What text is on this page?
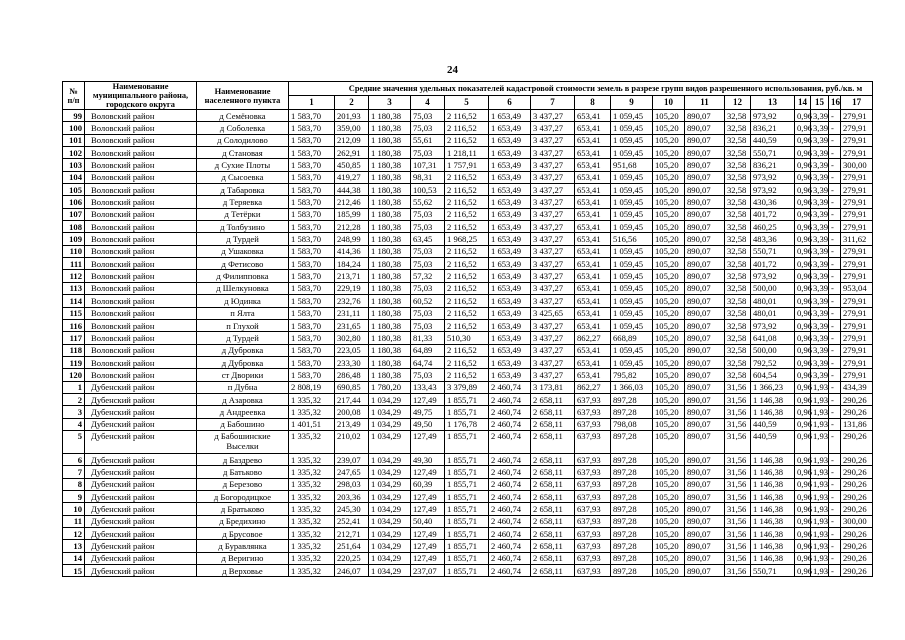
24
№ п/п	Наименование муниципального района, городского округа	Наименование населенного пункта	Средние значения удельных показателей кадастровой стоимости земель в разрезе групп видов разрешенного использования, руб./кв. м																
			1	2	3	4	5	6	7	8	9	10	11	12	13	14	15	16	17
99	Воловский район	д Семёновка	1 583,70	201,93	1 180,38	75,03	2 116,52	1 653,49	3 437,27	653,41	1 059,45	105,20	890,07	32,58	973,92	0,96	3,39	-	279,91
100	Воловский район	д Соболевка	1 583,70	359,00	1 180,38	75,03	2 116,52	1 653,49	3 437,27	653,41	1 059,45	105,20	890,07	32,58	836,21	0,96	3,39	-	279,91
101	Воловский район	д Солодилово	1 583,70	212,09	1 180,38	55,61	2 116,52	1 653,49	3 437,27	653,41	1 059,45	105,20	890,07	32,58	440,59	0,96	3,39	-	279,91
102	Воловский район	д Становая	1 583,70	262,91	1 180,38	75,03	1 218,11	1 653,49	3 437,27	653,41	1 059,45	105,20	890,07	32,58	550,71	0,96	3,39	-	279,91
103	Воловский район	д Сухие Плоты	1 583,70	450,85	1 180,38	107,31	1 757,91	1 653,49	3 437,27	653,41	951,68	105,20	890,07	32,58	836,21	0,96	3,39	-	300,00
104	Воловский район	д Сысоевка	1 583,70	419,27	1 180,38	98,31	2 116,52	1 653,49	3 437,27	653,41	1 059,45	105,20	890,07	32,58	973,92	0,96	3,39	-	279,91
105	Воловский район	д Табаровка	1 583,70	444,38	1 180,38	100,53	2 116,52	1 653,49	3 437,27	653,41	1 059,45	105,20	890,07	32,58	973,92	0,96	3,39	-	279,91
106	Воловский район	д Теряевка	1 583,70	212,46	1 180,38	55,62	2 116,52	1 653,49	3 437,27	653,41	1 059,45	105,20	890,07	32,58	430,36	0,96	3,39	-	279,91
107	Воловский район	д Тетёрки	1 583,70	185,99	1 180,38	75,03	2 116,52	1 653,49	3 437,27	653,41	1 059,45	105,20	890,07	32,58	401,72	0,96	3,39	-	279,91
108	Воловский район	д Толбузино	1 583,70	212,28	1 180,38	75,03	2 116,52	1 653,49	3 437,27	653,41	1 059,45	105,20	890,07	32,58	460,25	0,96	3,39	-	279,91
109	Воловский район	д Турдей	1 583,70	248,99	1 180,38	63,45	1 968,25	1 653,49	3 437,27	653,41	516,56	105,20	890,07	32,58	483,36	0,96	3,39	-	311,62
110	Воловский район	д Ушаковка	1 583,70	414,36	1 180,38	75,03	2 116,52	1 653,49	3 437,27	653,41	1 059,45	105,20	890,07	32,58	550,71	0,96	3,39	-	279,91
111	Воловский район	д Фетисово	1 583,70	184,24	1 180,38	75,03	2 116,52	1 653,49	3 437,27	653,41	1 059,45	105,20	890,07	32,58	401,72	0,96	3,39	-	279,91
112	Воловский район	д Филипповка	1 583,70	213,71	1 180,38	57,32	2 116,52	1 653,49	3 437,27	653,41	1 059,45	105,20	890,07	32,58	973,92	0,96	3,39	-	279,91
113	Воловский район	д Шелкуновка	1 583,70	229,19	1 180,38	75,03	2 116,52	1 653,49	3 437,27	653,41	1 059,45	105,20	890,07	32,58	500,00	0,96	3,39	-	953,04
114	Воловский район	д Юдинка	1 583,70	232,76	1 180,38	60,52	2 116,52	1 653,49	3 437,27	653,41	1 059,45	105,20	890,07	32,58	480,01	0,96	3,39	-	279,91
115	Воловский район	п Ялта	1 583,70	231,11	1 180,38	75,03	2 116,52	1 653,49	3 425,65	653,41	1 059,45	105,20	890,07	32,58	480,01	0,96	3,39	-	279,91
116	Воловский район	п Глухой	1 583,70	231,65	1 180,38	75,03	2 116,52	1 653,49	3 437,27	653,41	1 059,45	105,20	890,07	32,58	973,92	0,96	3,39	-	279,91
117	Воловский район	д Турдей	1 583,70	302,80	1 180,38	81,33	510,30	1 653,49	3 437,27	862,27	668,89	105,20	890,07	32,58	641,08	0,96	3,39	-	279,91
118	Воловский район	д Дубровка	1 583,70	223,05	1 180,38	64,89	2 116,52	1 653,49	3 437,27	653,41	1 059,45	105,20	890,07	32,58	500,00	0,96	3,39	-	279,91
119	Воловский район	д Дубровка	1 583,70	233,30	1 180,38	64,74	2 116,52	1 653,49	3 437,27	653,41	1 059,45	105,20	890,07	32,58	792,52	0,96	3,39	-	279,91
120	Воловский район	ст Дворики	1 583,70	286,48	1 180,38	75,03	2 116,52	1 653,49	3 437,27	653,41	795,82	105,20	890,07	32,58	604,54	0,96	3,39	-	279,91
1	Дубенский район	п Дубна	2 808,19	690,85	1 780,20	133,43	3 379,89	2 460,74	3 173,81	862,27	1 366,03	105,20	890,07	31,56	1 366,23	0,96	1,93	-	434,39
2	Дубенский район	д Азаровка	1 335,32	217,44	1 034,29	127,49	1 855,71	2 460,74	2 658,11	637,93	897,28	105,20	890,07	31,56	1 146,38	0,96	1,93	-	290,26
3	Дубенский район	д Андреевка	1 335,32	200,08	1 034,29	49,75	1 855,71	2 460,74	2 658,11	637,93	897,28	105,20	890,07	31,56	1 146,38	0,96	1,93	-	290,26
4	Дубенский район	д Бабошино	1 401,51	213,49	1 034,29	49,50	1 176,78	2 460,74	2 658,11	637,93	798,08	105,20	890,07	31,56	440,59	0,96	1,93	-	131,86
5	Дубенский район	д Бабошинские Выселки	1 335,32	210,02	1 034,29	127,49	1 855,71	2 460,74	2 658,11	637,93	897,28	105,20	890,07	31,56	440,59	0,96	1,93	-	290,26
6	Дубенский район	д Баздрево	1 335,32	239,07	1 034,29	49,30	1 855,71	2 460,74	2 658,11	637,93	897,28	105,20	890,07	31,56	1 146,38	0,96	1,93	-	290,26
7	Дубенский район	д Батьково	1 335,32	247,65	1 034,29	127,49	1 855,71	2 460,74	2 658,11	637,93	897,28	105,20	890,07	31,56	1 146,38	0,96	1,93	-	290,26
8	Дубенский район	д Березово	1 335,32	298,03	1 034,29	60,39	1 855,71	2 460,74	2 658,11	637,93	897,28	105,20	890,07	31,56	1 146,38	0,96	1,93	-	290,26
9	Дубенский район	д Богородицкое	1 335,32	203,36	1 034,29	127,49	1 855,71	2 460,74	2 658,11	637,93	897,28	105,20	890,07	31,56	1 146,38	0,96	1,93	-	290,26
10	Дубенский район	д Братьково	1 335,32	245,30	1 034,29	127,49	1 855,71	2 460,74	2 658,11	637,93	897,28	105,20	890,07	31,56	1 146,38	0,96	1,93	-	290,26
11	Дубенский район	д Бредихино	1 335,32	252,41	1 034,29	50,40	1 855,71	2 460,74	2 658,11	637,93	897,28	105,20	890,07	31,56	1 146,38	0,96	1,93	-	300,00
12	Дубенский район	д Брусовое	1 335,32	212,71	1 034,29	127,49	1 855,71	2 460,74	2 658,11	637,93	897,28	105,20	890,07	31,56	1 146,38	0,96	1,93	-	290,26
13	Дубенский район	д Буравлянка	1 335,32	251,64	1 034,29	127,49	1 855,71	2 460,74	2 658,11	637,93	897,28	105,20	890,07	31,56	1 146,38	0,96	1,93	-	290,26
14	Дубенский район	д Веригино	1 335,32	220,25	1 034,29	127,49	1 855,71	2 460,74	2 658,11	637,93	897,28	105,20	890,07	31,56	1 146,38	0,96	1,93	-	290,26
15	Дубенский район	д Верховье	1 335,32	246,07	1 034,29	237,07	1 855,71	2 460,74	2 658,11	637,93	897,28	105,20	890,07	31,56	550,71	0,96	1,93	-	290,26
